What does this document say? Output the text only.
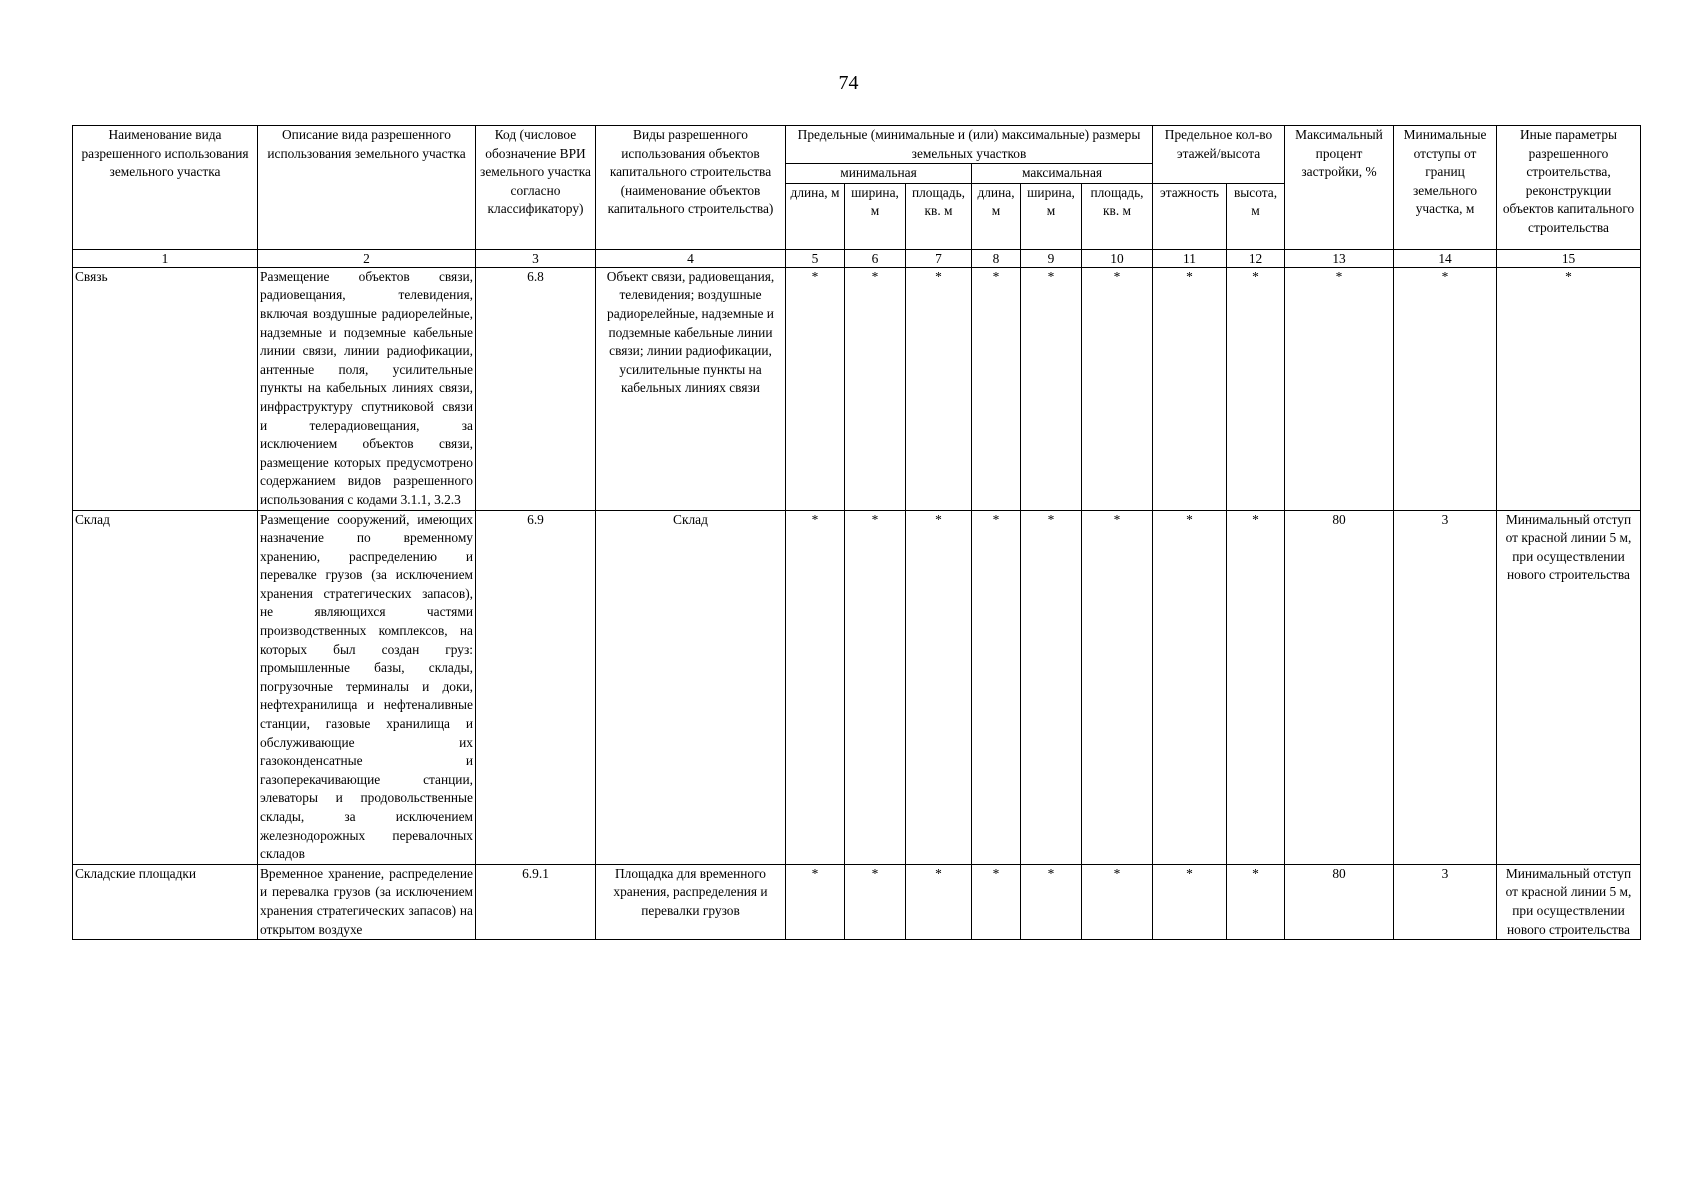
74
Наименование вида разрешенного использования земельного участка	Описание вида разрешенного использования земельного участка	Код (числовое обозначение ВРИ земельного участка согласно классификатору)	Виды разрешенного использования объектов капитального строительства (наименование объектов капитального строительства)	Предельные (минимальные и (или) максимальные) размеры земельных участков						Предельное кол-во этажей/высота		Максимальный процент застройки, %	Минимальные отступы от границ земельного участка, м	Иные параметры разрешенного строительства, реконструкции объектов капитального строительства
				минимальная			максимальная							
				длина, м	ширина, м	площадь, кв. м	длина, м	ширина, м	площадь, кв. м	этажность	высота, м			
1	2	3	4	5	6	7	8	9	10	11	12	13	14	15
Связь	Размещение объектов связи, радиовещания, телевидения, включая воздушные радиорелейные, надземные и подземные кабельные линии связи, линии радиофикации, антенные поля, усилительные пункты на кабельных линиях связи, инфраструктуру спутниковой связи и телерадиовещания, за исключением объектов связи, размещение которых предусмотрено содержанием видов разрешенного использования с кодами 3.1.1, 3.2.3	6.8	Объект связи, радиовещания, телевидения; воздушные радиорелейные, надземные и подземные кабельные линии связи; линии радиофикации, усилительные пункты на кабельных линиях связи	*	*	*	*	*	*	*	*	*	*	*
Склад	Размещение сооружений, имеющих назначение по временному хранению, распределению и перевалке грузов (за исключением хранения стратегических запасов), не являющихся частями производственных комплексов, на которых был создан груз: промышленные базы, склады, погрузочные терминалы и доки, нефтехранилища и нефтеналивные станции, газовые хранилища и обслуживающие их газоконденсатные и газоперекачивающие станции, элеваторы и продовольственные склады, за исключением железнодорожных перевалочных складов	6.9	Склад	*	*	*	*	*	*	*	*	80	3	Минимальный отступ от красной линии 5 м, при осуществлении нового строительства
Складские площадки	Временное хранение, распределение и перевалка грузов (за исключением хранения стратегических запасов) на открытом воздухе	6.9.1	Площадка для временного хранения, распределения и перевалки грузов	*	*	*	*	*	*	*	*	80	3	Минимальный отступ от красной линии 5 м, при осуществлении нового строительства
